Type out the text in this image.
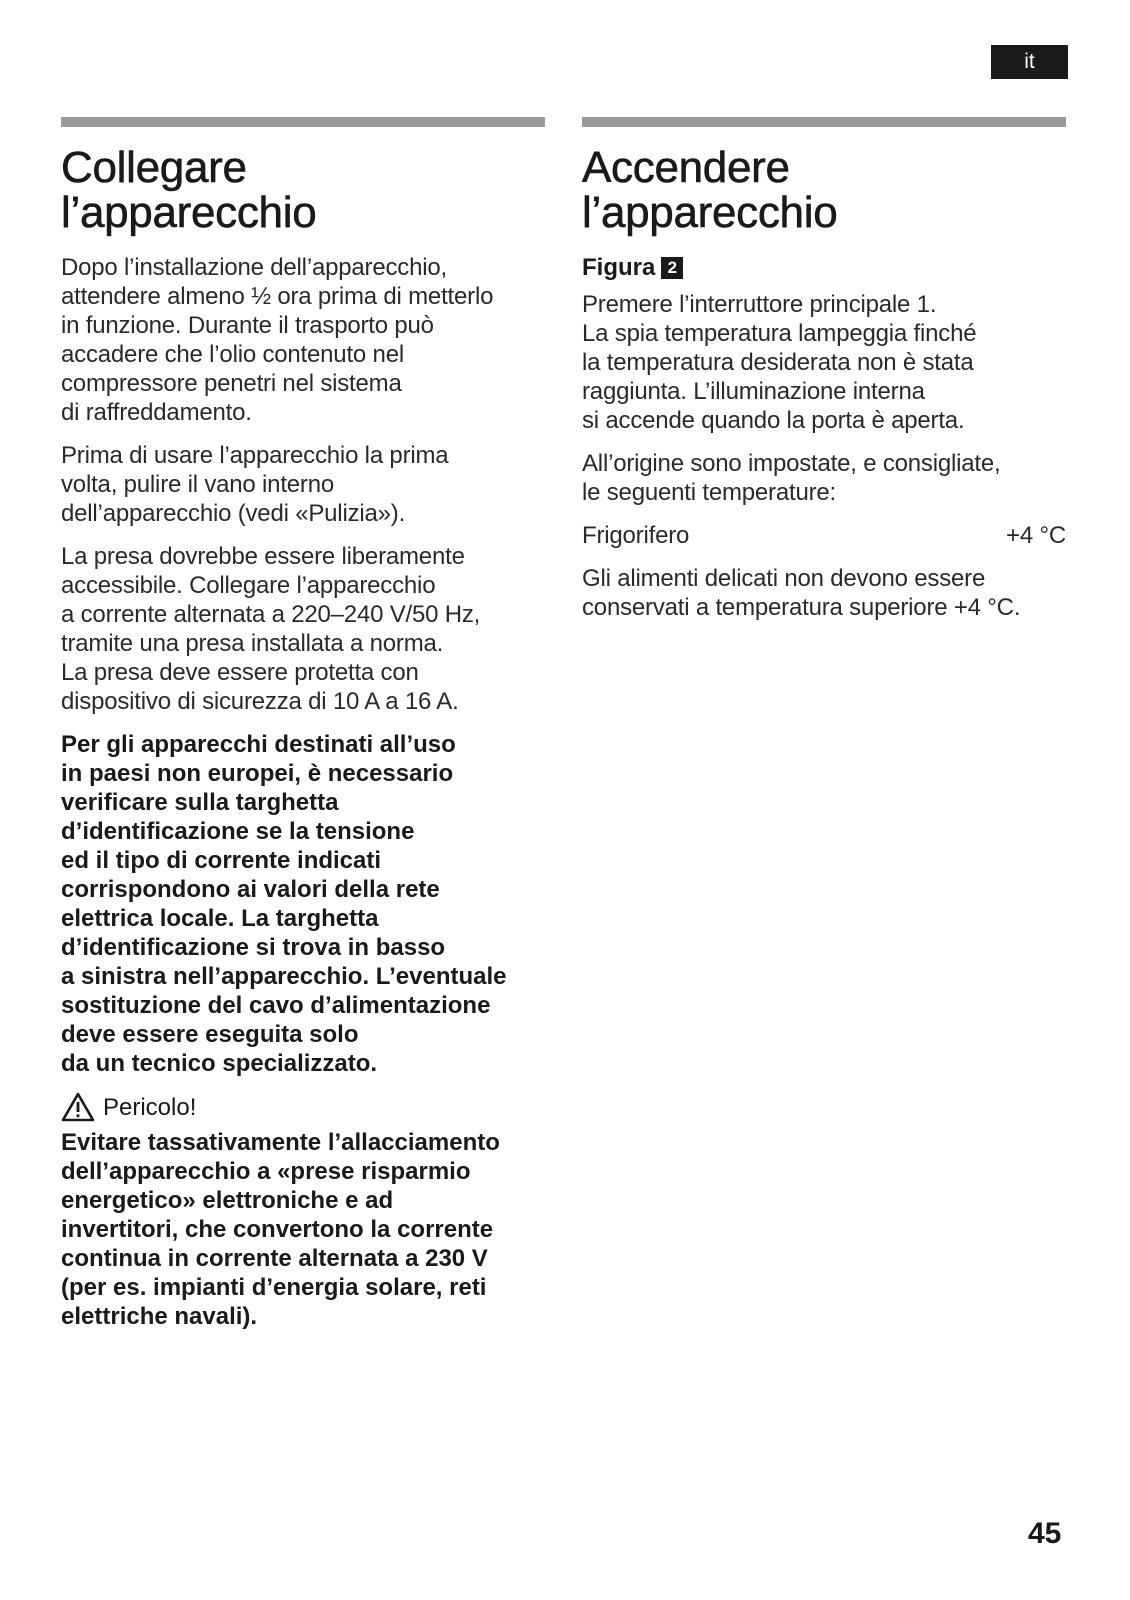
it
Collegare
l’apparecchio

Dopo l’installazione dell’apparecchio,
attendere almeno ½ ora prima di metterlo
in funzione. Durante il trasporto può
accadere che l’olio contenuto nel
compressore penetri nel sistema
di raffreddamento.

Prima di usare l’apparecchio la prima
volta, pulire il vano interno
dell’apparecchio (vedi «Pulizia»).

La presa dovrebbe essere liberamente
accessibile. Collegare l’apparecchio
a corrente alternata a 220–240 V/50 Hz,
tramite una presa installata a norma.
La presa deve essere protetta con
dispositivo di sicurezza di 10 A a 16 A.

Per gli apparecchi destinati all’uso
in paesi non europei, è necessario
verificare sulla targhetta
d’identificazione se la tensione
ed il tipo di corrente indicati
corrispondono ai valori della rete
elettrica locale. La targhetta
d’identificazione si trova in basso
a sinistra nell’apparecchio. L’eventuale
sostituzione del cavo d’alimentazione
deve essere eseguita solo
da un tecnico specializzato.

Pericolo!

Evitare tassativamente l’allacciamento
dell’apparecchio a «prese risparmio
energetico» elettroniche e ad
invertitori, che convertono la corrente
continua in corrente alternata a 230 V
(per es. impianti d’energia solare, reti
elettriche navali).

Accendere
l’apparecchio
Figura 2

Premere l’interruttore principale 1.
La spia temperatura lampeggia finché
la temperatura desiderata non è stata
raggiunta. L’illuminazione interna
si accende quando la porta è aperta.

All’origine sono impostate, e consigliate,
le seguenti temperature:

Frigorifero	+4 °C

Gli alimenti delicati non devono essere
conservati a temperatura superiore +4 °C.

45
